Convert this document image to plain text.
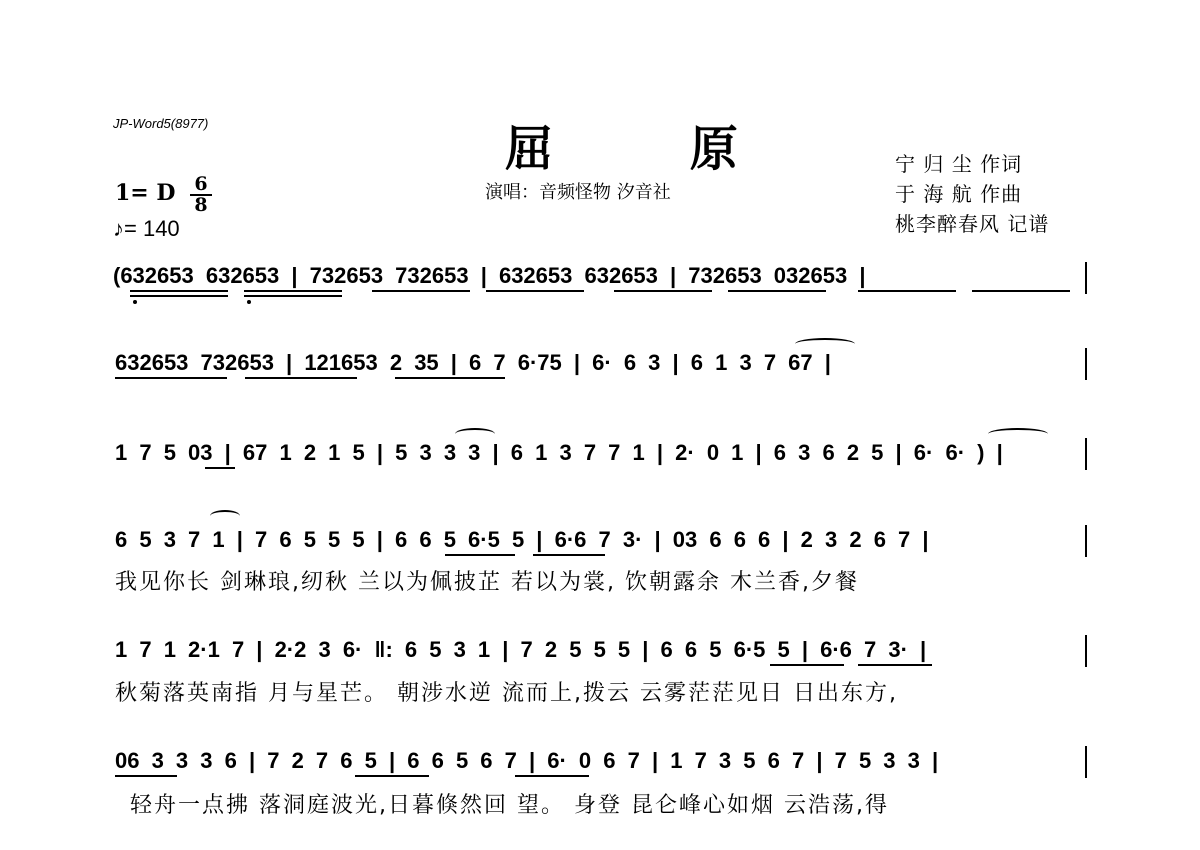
JP-Word5(8977)	屈 原
演唱：音频怪物 汐音社
宁 归 尘 作词
于 海 航 作曲
桃李醉春风 记谱
1= D 6
8
♪= 140
(632653 632653 | 732653 732653 | 632653 632653 | 732653 032653 |
632653 732653 | 121653 2 35 | 6 7 6·75 | 6· 6 3 | 6 1 3 7 67 |
1 7 5 03 | 67 1 2 1 5 | 5 3 3 3 | 6 1 3 7 7 1 | 2· 0 1 | 6 3 6 2 5 | 6· 6· ) |
6 5 3 7 1 | 7 6 5 5 5 | 6 6 5 6·5 5 | 6·6 7 3· | 03 6 6 6 | 2 3 2 6 7 |
我见你长 剑琳琅,纫秋 兰以为佩披芷 若以为裳, 饮朝露余 木兰香,夕餐
1 7 1 2·1 7 | 2·2 3 6· ‖: 6 5 3 1 | 7 2 5 5 5 | 6 6 5 6·5 5 | 6·6 7 3· |
秋菊落英南指 月与星芒。 朝涉水逆 流而上,拨云 云雾茫茫见日 日出东方,
06 3 3 3 6 | 7 2 7 6 5 | 6 6 5 6 7 | 6· 0 6 7 | 1 7 3 5 6 7 | 7 5 3 3 |
轻舟一点拂 落洞庭波光,日暮倏然回 望。 身登 昆仑峰心如烟 云浩荡,得
